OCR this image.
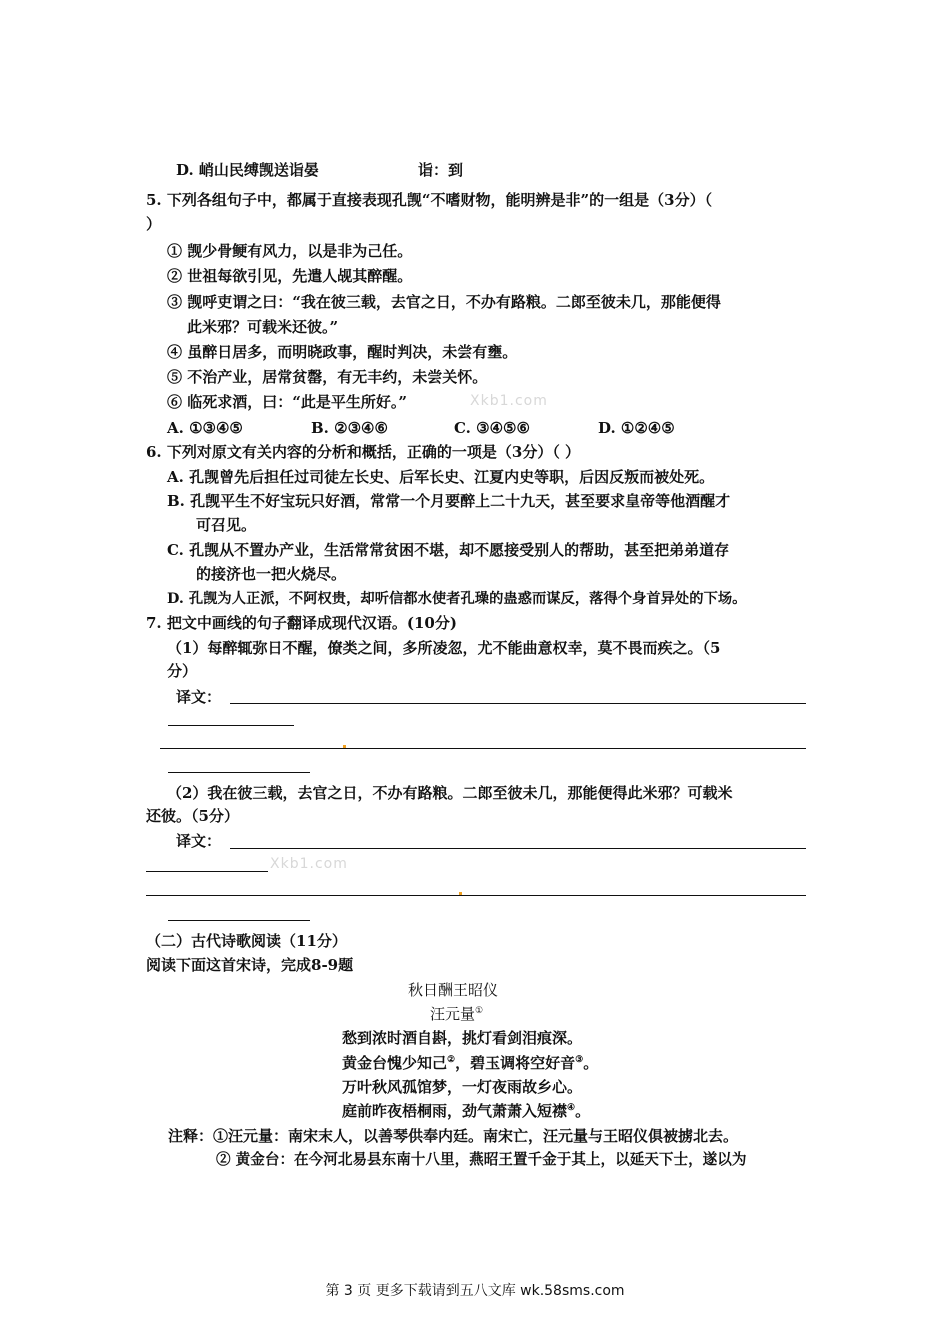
D. 峭山民缚觊送诣晏	诣：到
5. 下列各组句子中，都属于直接表现孔觊“不嗜财物，能明辨是非”的一组是（3分）（
）
① 觊少骨鲠有风力，以是非为己任。
② 世祖每欲引见，先遣人觇其醉醒。
③ 觊呼吏谓之曰：“我在彼三载，去官之日，不办有路粮。二郎至彼未几，那能便得
此米邪？可载米还彼。”
④ 虽醉日居多，而明晓政事，醒时判决，未尝有壅。
⑤ 不治产业，居常贫罄，有无丰约，未尝关怀。
⑥ 临死求酒，曰：“此是平生所好。”	Xkb1.com
A. ①③④⑤	B. ②③④⑥	C. ③④⑤⑥	D. ①②④⑤
6. 下列对原文有关内容的分析和概括，正确的一项是（3分）（ ）
A. 孔觊曾先后担任过司徒左长史、后军长史、江夏内史等职，后因反叛而被处死。
B. 孔觊平生不好宝玩只好酒，常常一个月要醉上二十九天，甚至要求皇帝等他酒醒才
可召见。
C. 孔觊从不置办产业，生活常常贫困不堪，却不愿接受别人的帮助，甚至把弟弟道存
的接济也一把火烧尽。
D. 孔觊为人正派，不阿权贵，却听信都水使者孔璪的蛊惑而谋反，落得个身首异处的下场。
7. 把文中画线的句子翻译成现代汉语。(10分)
（1）每醉辄弥日不醒，僚类之间，多所凌忽，尤不能曲意权幸，莫不畏而疾之。（5
分）
译文：
（2）我在彼三载，去官之日，不办有路粮。二郎至彼未几，那能便得此米邪？可载米
还彼。（5分）
译文：
Xkb1.com
（二）古代诗歌阅读（11分）
阅读下面这首宋诗，完成8-9题
秋日酬王昭仪
汪元量①
愁到浓时酒自斟，挑灯看剑泪痕深。
黄金台愧少知己②，碧玉调将空好音③。
万叶秋风孤馆梦，一灯夜雨故乡心。
庭前昨夜梧桐雨，劲气萧萧入短襟④。
注释：①汪元量：南宋末人，以善琴供奉内廷。南宋亡，汪元量与王昭仪俱被掳北去。
② 黄金台：在今河北易县东南十八里，燕昭王置千金于其上，以延天下士，遂以为
第 3 页 更多下载请到五八文库 wk.58sms.com
